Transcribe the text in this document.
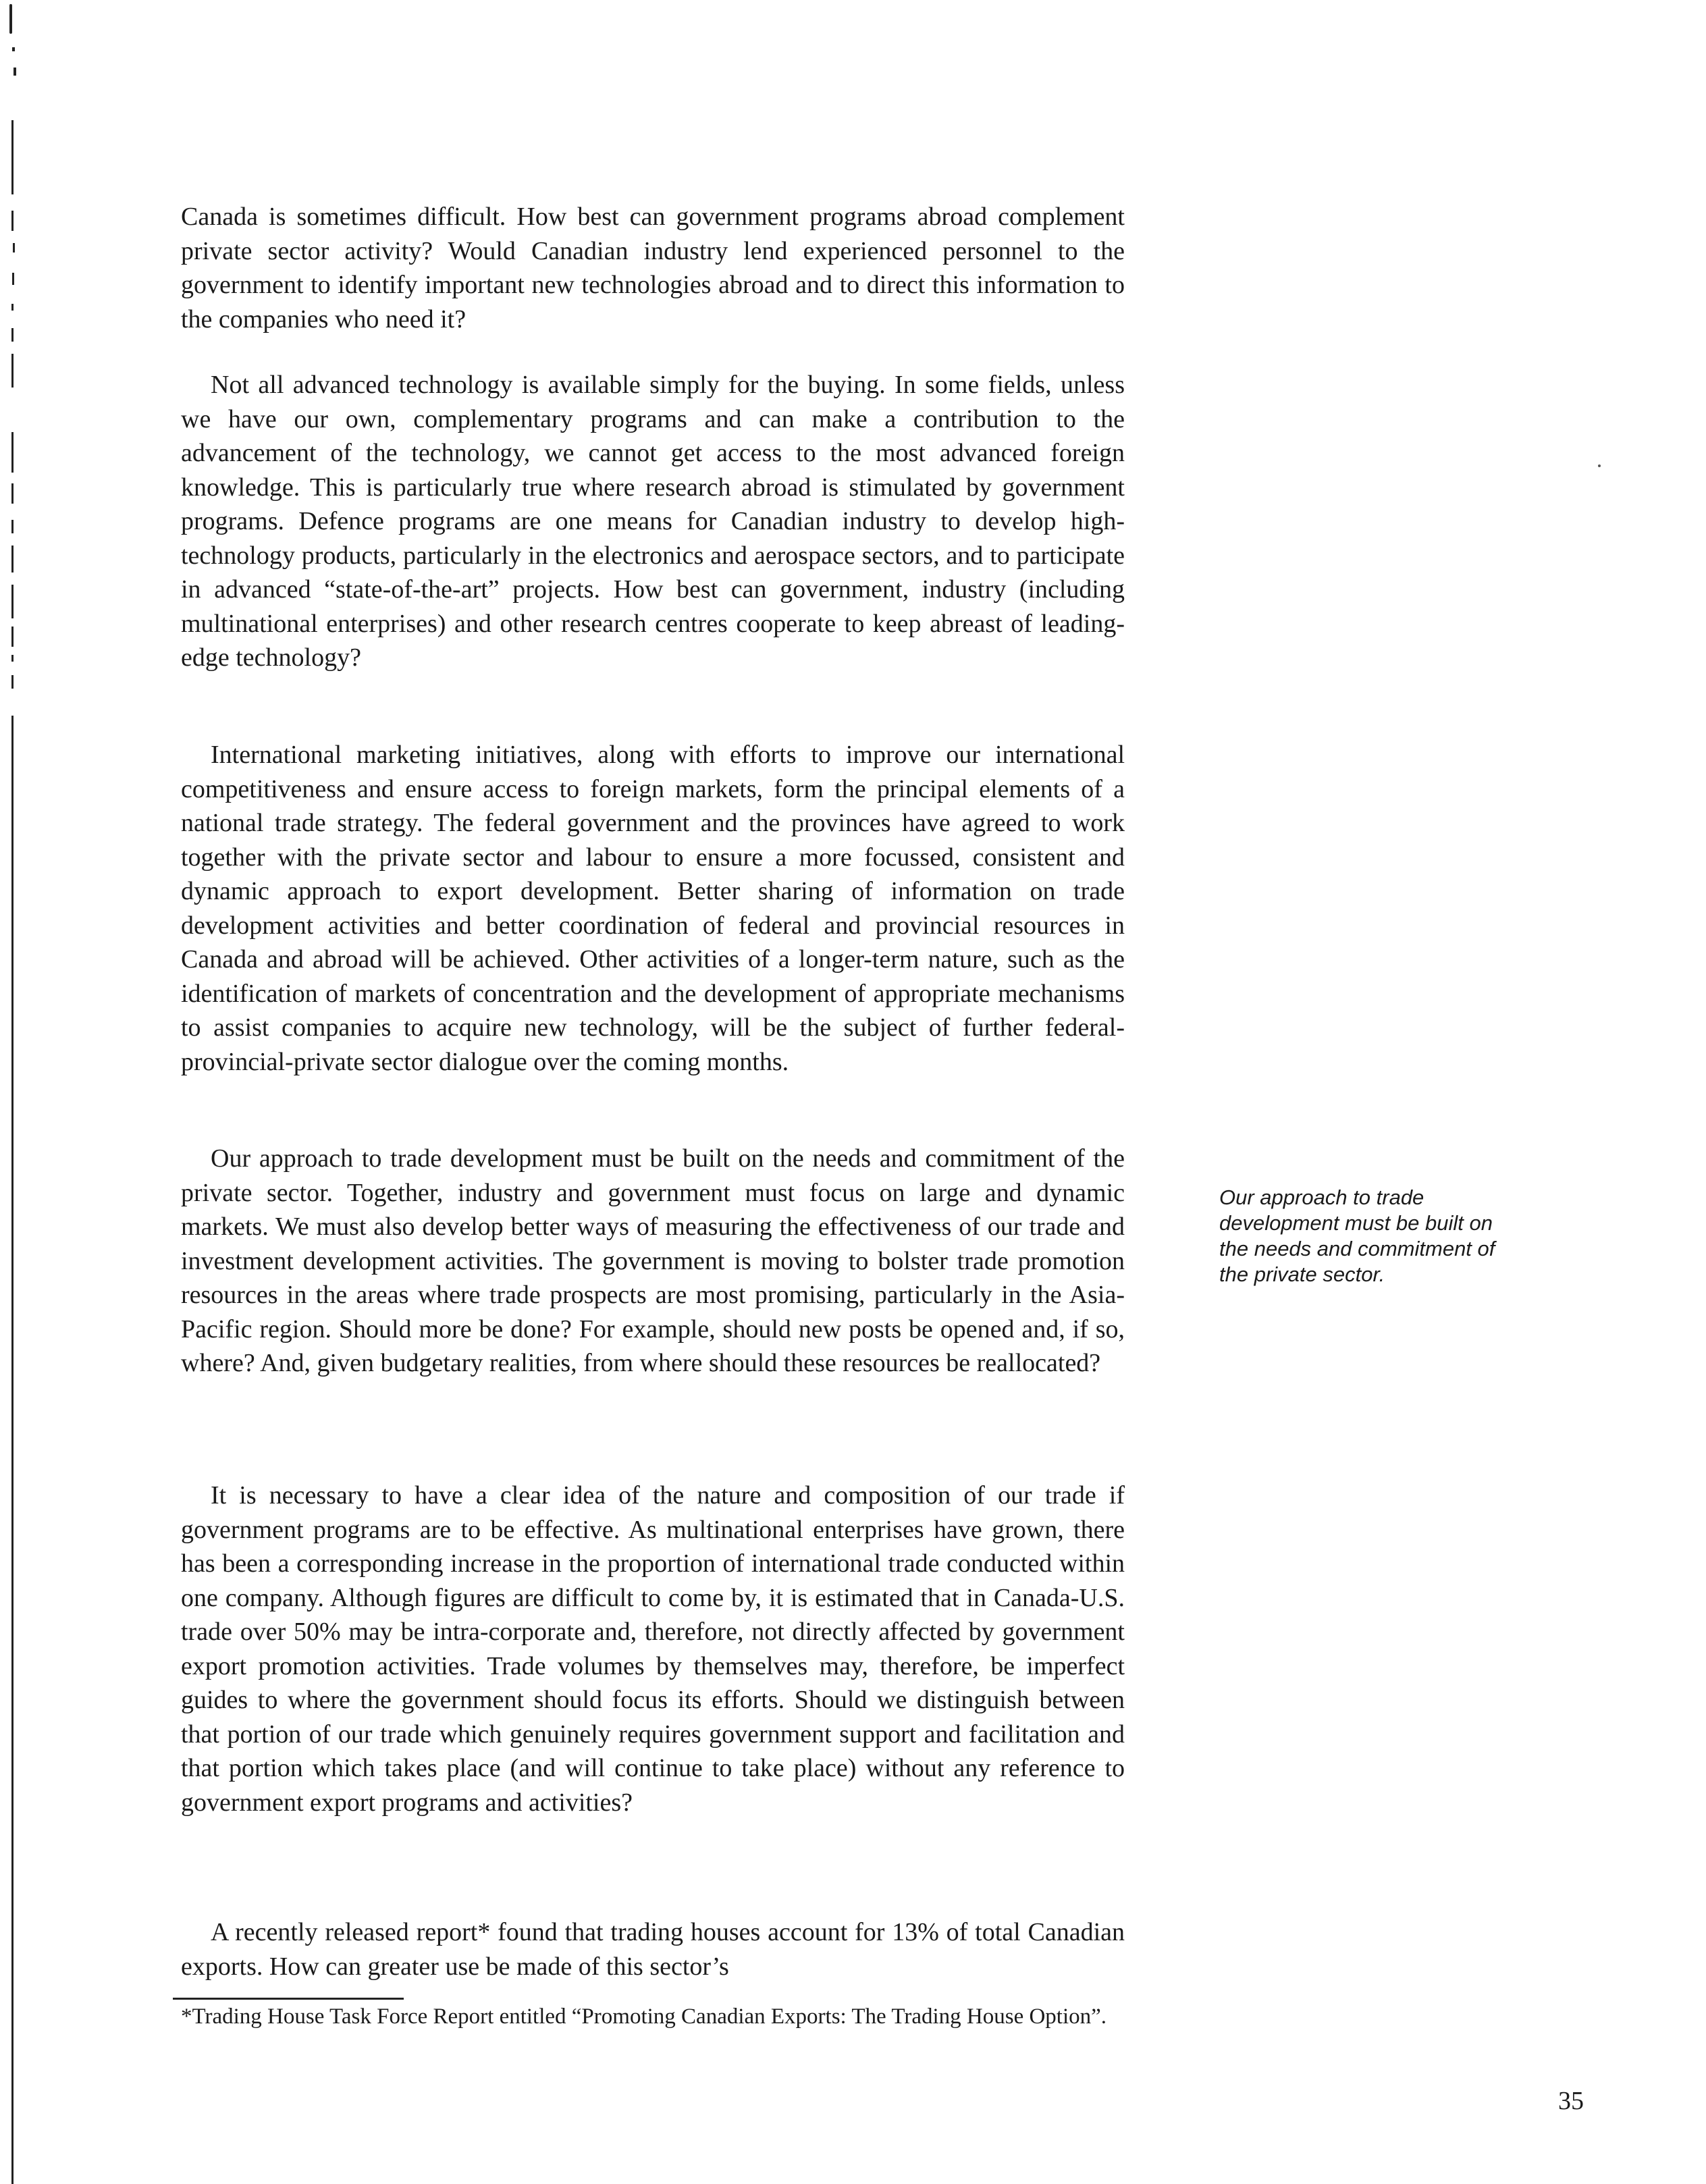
Canada is sometimes difficult. How best can government programs abroad complement private sector activity? Would Canadian industry lend experienced personnel to the government to identify important new technologies abroad and to direct this information to the companies who need it?

Not all advanced technology is available simply for the buying. In some fields, unless we have our own, complementary programs and can make a contribution to the advancement of the technology, we cannot get access to the most advanced foreign knowledge. This is particularly true where research abroad is stimulated by government programs. Defence programs are one means for Canadian industry to develop high-technology products, particularly in the electronics and aerospace sectors, and to participate in advanced “state-of-the-art” projects. How best can government, industry (including multinational enterprises) and other research centres cooperate to keep abreast of leading-edge technology?

International marketing initiatives, along with efforts to improve our international competitiveness and ensure access to foreign markets, form the principal elements of a national trade strategy. The federal government and the provinces have agreed to work together with the private sector and labour to ensure a more focussed, consistent and dynamic approach to export development. Better sharing of information on trade development activities and better coordination of federal and provincial resources in Canada and abroad will be achieved. Other activities of a longer-term nature, such as the identification of markets of concentration and the development of appropriate mechanisms to assist companies to acquire new technology, will be the subject of further federal-provincial-private sector dialogue over the coming months.

Our approach to trade development must be built on the needs and commitment of the private sector. Together, industry and government must focus on large and dynamic markets. We must also develop better ways of measuring the effectiveness of our trade and investment development activities. The government is moving to bolster trade promotion resources in the areas where trade prospects are most promising, particularly in the Asia-Pacific region. Should more be done? For example, should new posts be opened and, if so, where? And, given budgetary realities, from where should these resources be reallocated?

It is necessary to have a clear idea of the nature and composition of our trade if government programs are to be effective. As multinational enterprises have grown, there has been a corresponding increase in the proportion of international trade conducted within one company. Although figures are difficult to come by, it is estimated that in Canada-U.S. trade over 50% may be intra-corporate and, therefore, not directly affected by government export promotion activities. Trade volumes by themselves may, therefore, be imperfect guides to where the government should focus its efforts. Should we distinguish between that portion of our trade which genuinely requires government support and facilitation and that portion which takes place (and will continue to take place) without any reference to government export programs and activities?

A recently released report* found that trading houses account for 13% of total Canadian exports. How can greater use be made of this sector’s

Our approach to trade development must be built on the needs and commitment of the private sector.

*Trading House Task Force Report entitled “Promoting Canadian Exports: The Trading House Option”.

35
